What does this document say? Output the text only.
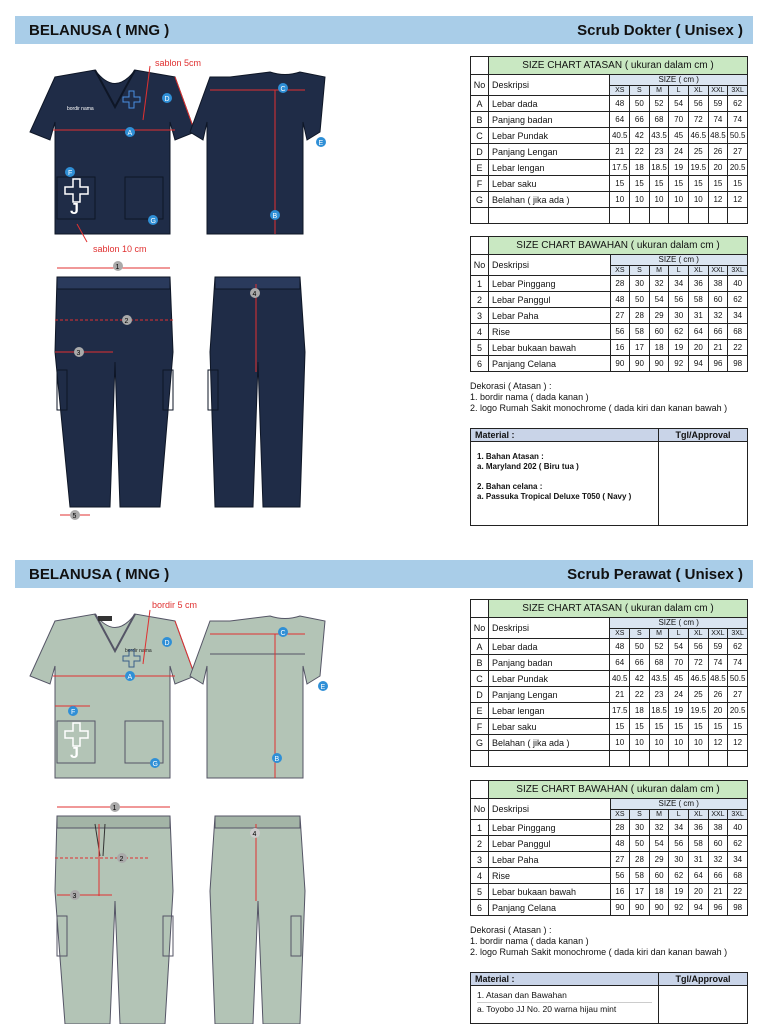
BELANUSA ( MNG )	Scrub Dokter ( Unisex )
bordir nama
J
A
D
F
G
sablon 5cm
sablon 10 cm
C
B
E
1
2
3
5
4
	SIZE CHART ATASAN ( ukuran dalam cm )							
No	Deskripsi	SIZE ( cm )						
		XS	S	M	L	XL	XXL	3XL
A	Lebar dada	48	50	52	54	56	59	62
B	Panjang badan	64	66	68	70	72	74	74
C	Lebar Pundak	40.5	42	43.5	45	46.5	48.5	50.5
D	Panjang Lengan	21	22	23	24	25	26	27
E	Lebar lengan	17.5	18	18.5	19	19.5	20	20.5
F	Lebar saku	15	15	15	15	15	15	15
G	Belahan ( jika ada )	10	10	10	10	10	12	12

	SIZE CHART BAWAHAN ( ukuran dalam cm )							
No	Deskripsi	SIZE ( cm )						
		XS	S	M	L	XL	XXL	3XL
1	Lebar Pinggang	28	30	32	34	36	38	40
2	Lebar Panggul	48	50	54	56	58	60	62
3	Lebar Paha	27	28	29	30	31	32	34
4	Rise	56	58	60	62	64	66	68
5	Lebar bukaan bawah	16	17	18	19	20	21	22
6	Panjang Celana	90	90	90	92	94	96	98
Dekorasi ( Atasan ) :
1. bordir nama ( dada kanan )
2. logo Rumah Sakit monochrome ( dada kiri dan kanan bawah )
Material :	Tgl/Approval

1. Bahan Atasan :

a. Maryland 202 ( Biru tua )

2. Bahan celana :

a. Passuka Tropical Deluxe T050 ( Navy )

BELANUSA ( MNG )	Scrub Perawat ( Unisex )
bordir nama
J
A
D
F
G
bordir 5 cm
C
B
E
1
2
3
4
	SIZE CHART ATASAN ( ukuran dalam cm )							
No	Deskripsi	SIZE ( cm )						
		XS	S	M	L	XL	XXL	3XL
A	Lebar dada	48	50	52	54	56	59	62
B	Panjang badan	64	66	68	70	72	74	74
C	Lebar Pundak	40.5	42	43.5	45	46.5	48.5	50.5
D	Panjang Lengan	21	22	23	24	25	26	27
E	Lebar lengan	17.5	18	18.5	19	19.5	20	20.5
F	Lebar saku	15	15	15	15	15	15	15
G	Belahan ( jika ada )	10	10	10	10	10	12	12

	SIZE CHART BAWAHAN ( ukuran dalam cm )							
No	Deskripsi	SIZE ( cm )						
		XS	S	M	L	XL	XXL	3XL
1	Lebar Pinggang	28	30	32	34	36	38	40
2	Lebar Panggul	48	50	54	56	58	60	62
3	Lebar Paha	27	28	29	30	31	32	34
4	Rise	56	58	60	62	64	66	68
5	Lebar bukaan bawah	16	17	18	19	20	21	22
6	Panjang Celana	90	90	90	92	94	96	98
Dekorasi ( Atasan ) :
1. bordir nama ( dada kanan )
2. logo Rumah Sakit monochrome ( dada kiri dan kanan bawah )
Material :	Tgl/Approval

1. Atasan dan Bawahan

a. Toyobo JJ No. 20 warna hijau mint
